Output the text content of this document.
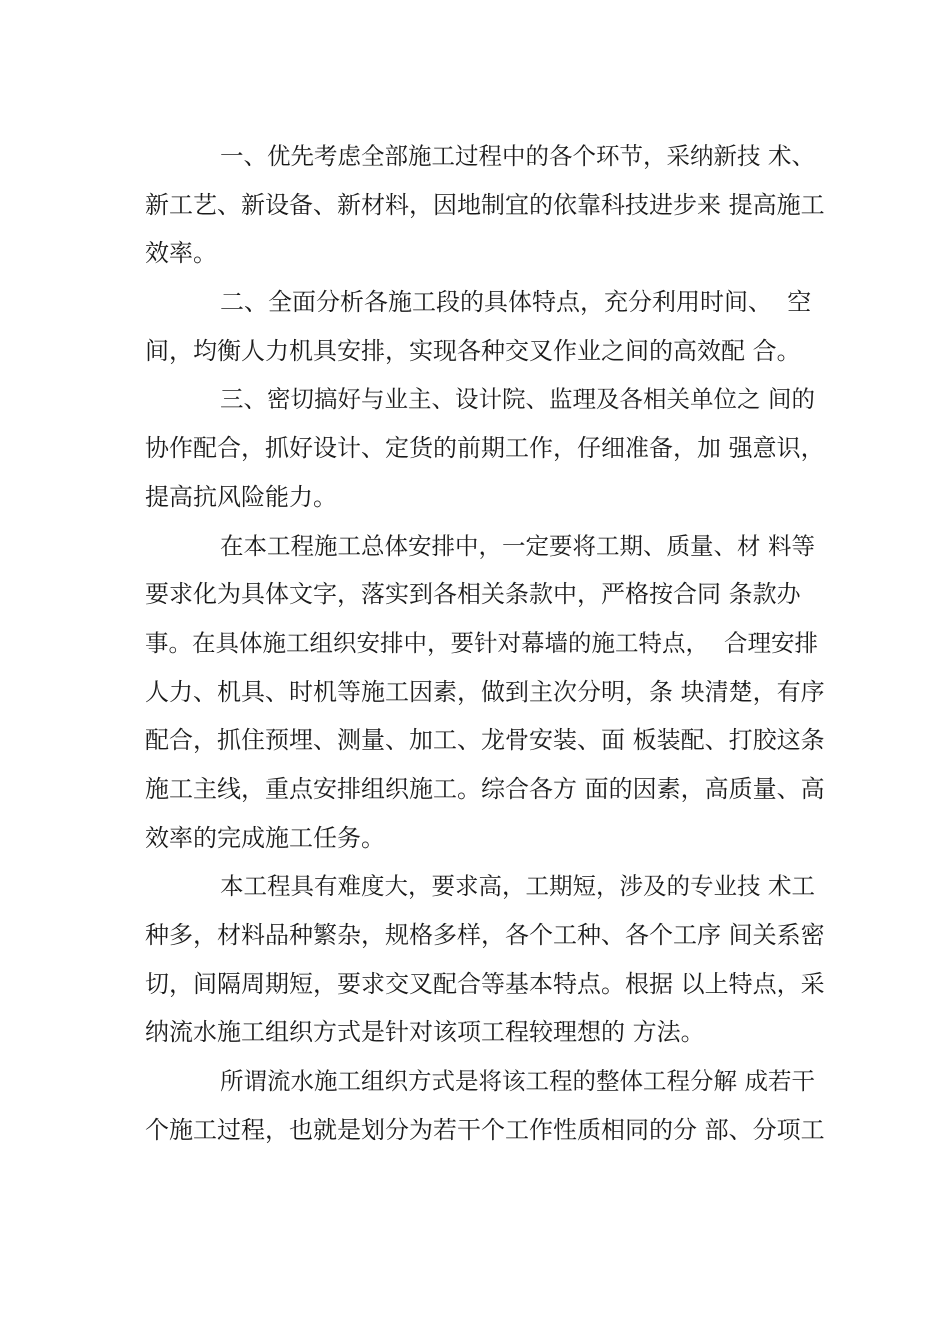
一、优先考虑全部施工过程中的各个环节，采纳新技 术、
新工艺、新设备、新材料，因地制宜的依靠科技进步来 提高施工
效率。
二、全面分析各施工段的具体特点，充分利用时间、  空
间，均衡人力机具安排，实现各种交叉作业之间的高效配 合。
三、密切搞好与业主、设计院、监理及各相关单位之 间的
协作配合，抓好设计、定货的前期工作，仔细准备，加 强意识，
提高抗风险能力。
在本工程施工总体安排中，一定要将工期、质量、材 料等
要求化为具体文字，落实到各相关条款中，严格按合同 条款办
事。在具体施工组织安排中，要针对幕墙的施工特点，  合理安排
人力、机具、时机等施工因素，做到主次分明，条 块清楚，有序
配合，抓住预埋、测量、加工、龙骨安装、面 板装配、打胶这条
施工主线，重点安排组织施工。综合各方 面的因素，高质量、高
效率的完成施工任务。
本工程具有难度大，要求高，工期短，涉及的专业技 术工
种多，材料品种繁杂，规格多样，各个工种、各个工序 间关系密
切，间隔周期短，要求交叉配合等基本特点。根据 以上特点，采
纳流水施工组织方式是针对该项工程较理想的 方法。
所谓流水施工组织方式是将该工程的整体工程分解 成若干
个施工过程，也就是划分为若干个工作性质相同的分 部、分项工
